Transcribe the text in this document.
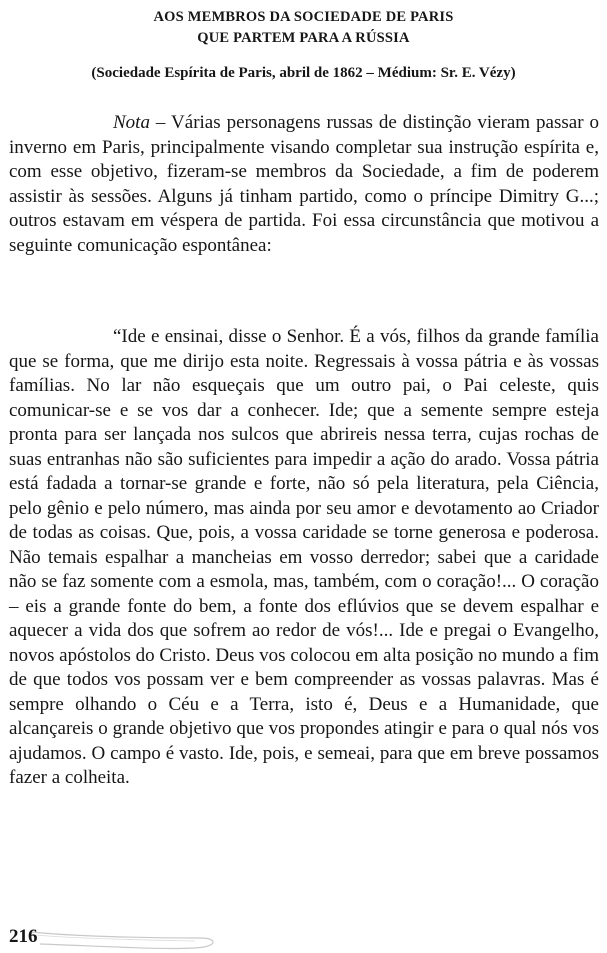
AOS MEMBROS DA SOCIEDADE DE PARIS
QUE PARTEM PARA A RÚSSIA
(Sociedade Espírita de Paris, abril de 1862 – Médium: Sr. E. Vézy)

Nota – Várias personagens russas de distinção vieram passar o inverno em Paris, principalmente visando completar sua instrução espírita e, com esse objetivo, fizeram-se membros da Sociedade, a fim de poderem assistir às sessões. Alguns já tinham partido, como o príncipe Dimitry G...; outros estavam em véspera de partida. Foi essa circunstância que motivou a seguinte comunicação espontânea:

“Ide e ensinai, disse o Senhor. É a vós, filhos da grande família que se forma, que me dirijo esta noite. Regressais à vossa pátria e às vossas famílias. No lar não esqueçais que um outro pai, o Pai celeste, quis comunicar-se e se vos dar a conhecer. Ide; que a semente sempre esteja pronta para ser lançada nos sulcos que abrireis nessa terra, cujas rochas de suas entranhas não são suficientes para impedir a ação do arado. Vossa pátria está fadada a tornar-se grande e forte, não só pela literatura, pela Ciência, pelo gênio e pelo número, mas ainda por seu amor e devotamento ao Criador de todas as coisas. Que, pois, a vossa caridade se torne generosa e poderosa. Não temais espalhar a mancheias em vosso derredor; sabei que a caridade não se faz somente com a esmola, mas, também, com o coração!... O coração – eis a grande fonte do bem, a fonte dos eflúvios que se devem espalhar e aquecer a vida dos que sofrem ao redor de vós!... Ide e pregai o Evangelho, novos apóstolos do Cristo. Deus vos colocou em alta posição no mundo a fim de que todos vos possam ver e bem compreender as vossas palavras. Mas é sempre olhando o Céu e a Terra, isto é, Deus e a Humanidade, que alcançareis o grande objetivo que vos propondes atingir e para o qual nós vos ajudamos. O campo é vasto. Ide, pois, e semeai, para que em breve possamos fazer a colheita.

216
